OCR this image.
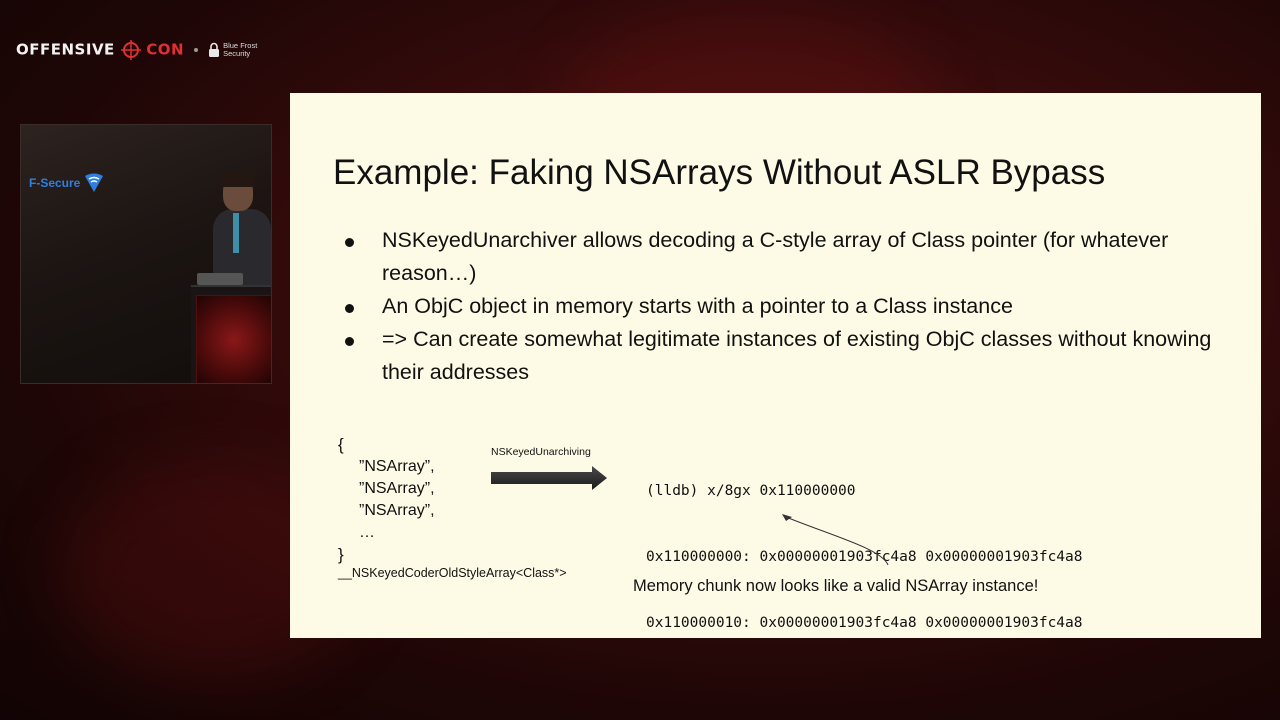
OFFENSIVE CON	Blue Frost Security
F-Secure	Example: Faking NSArrays Without ASLR Bypass
NSKeyedUnarchiver allows decoding a C-style array of Class pointer (for whatever reason…)
An ObjC object in memory starts with a pointer to a Class instance
=> Can create somewhat legitimate instances of existing ObjC classes without knowing their addresses
{
”NSArray”,
”NSArray”,
”NSArray”,
…
}
__NSKeyedCoderOldStyleArray<Class*>
NSKeyedUnarchiving

(lldb) x/8gx 0x110000000

0x110000000: 0x00000001903fc4a8 0x00000001903fc4a8

0x110000010: 0x00000001903fc4a8 0x00000001903fc4a8

Memory chunk now looks like a valid NSArray instance!
